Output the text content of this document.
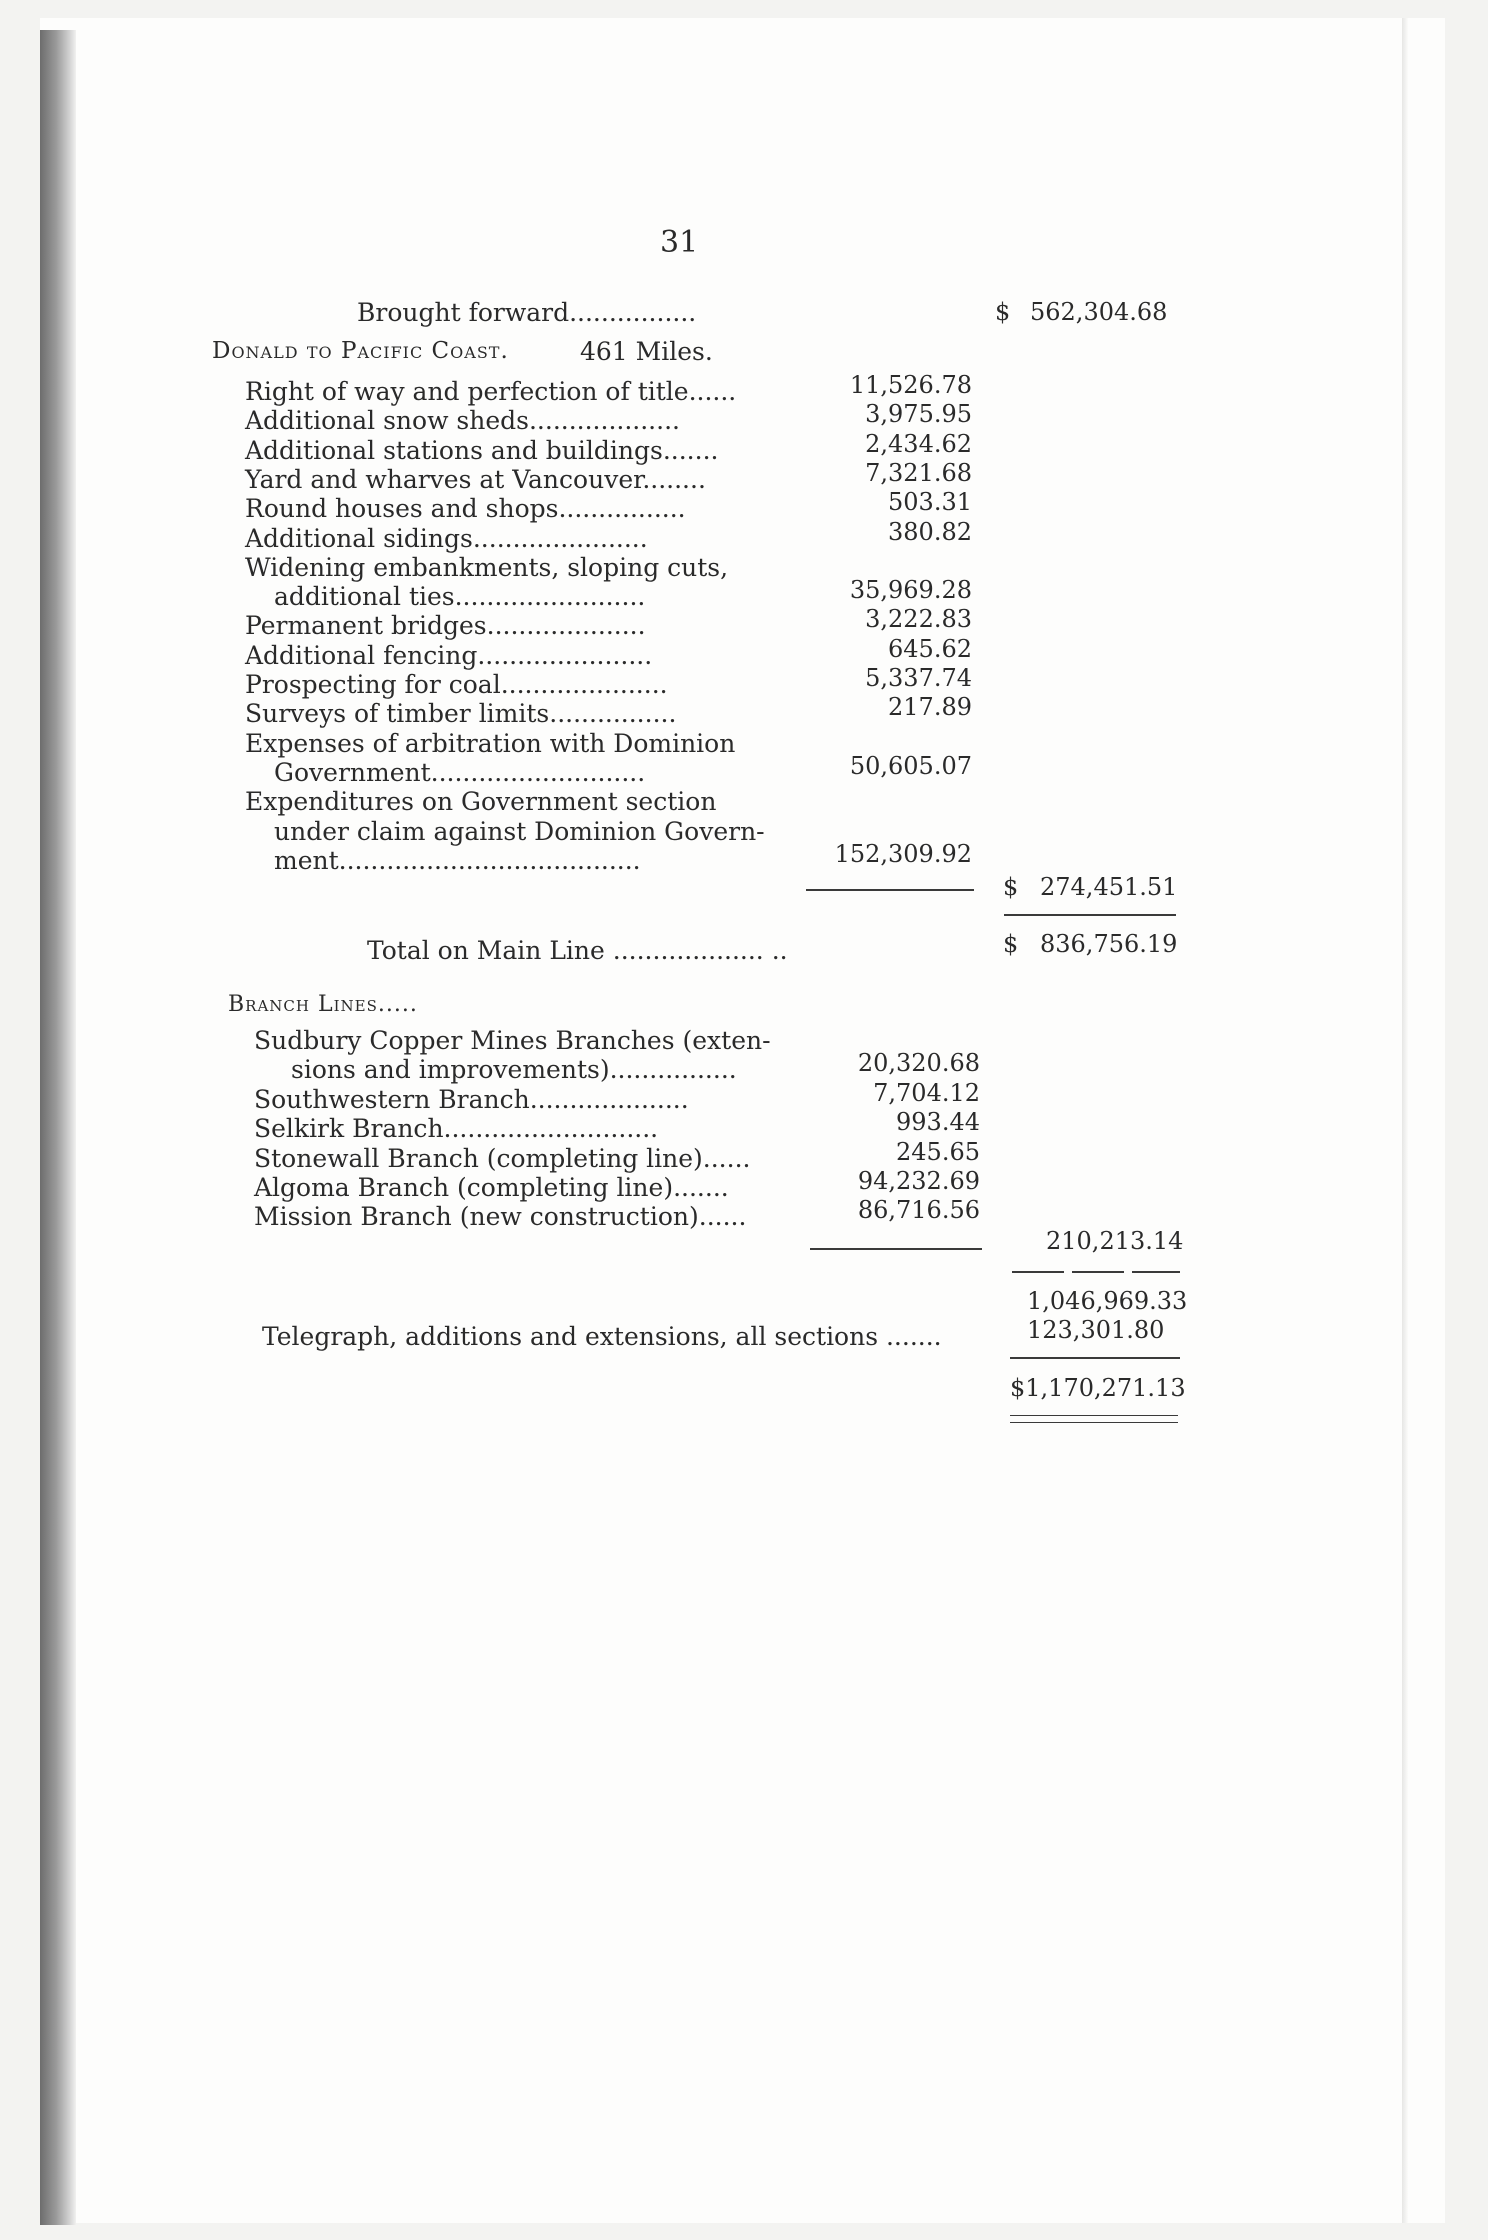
31
Brought forward................	$ 562,304.68
Donald to Pacific Coast.	461 Miles.
Right of way and perfection of title......	11,526.78
Additional snow sheds...................	3,975.95
Additional stations and buildings.......	2,434.62
Yard and wharves at Vancouver........	7,321.68
Round houses and shops................	503.31
Additional sidings......................	380.82
Widening embankments, sloping cuts,
additional ties........................	35,969.28
Permanent bridges....................	3,222.83
Additional fencing......................	645.62
Prospecting for coal.....................	5,337.74
Surveys of timber limits................	217.89
Expenses of arbitration with Dominion
Government...........................	50,605.07
Expenditures on Government section
under claim against Dominion Govern-
ment......................................	152,309.92
$ 274,451.51
Total on Main Line ................... ..	$ 836,756.19
Branch Lines.....
Sudbury Copper Mines Branches (exten-
sions and improvements)................	20,320.68
Southwestern Branch....................	7,704.12
Selkirk Branch...........................	993.44
Stonewall Branch (completing line)......	245.65
Algoma Branch (completing line).......	94,232.69
Mission Branch (new construction)......	86,716.56
210,213.14
1,046,969.33
Telegraph, additions and extensions, all sections .......	123,301.80
$1,170,271.13
